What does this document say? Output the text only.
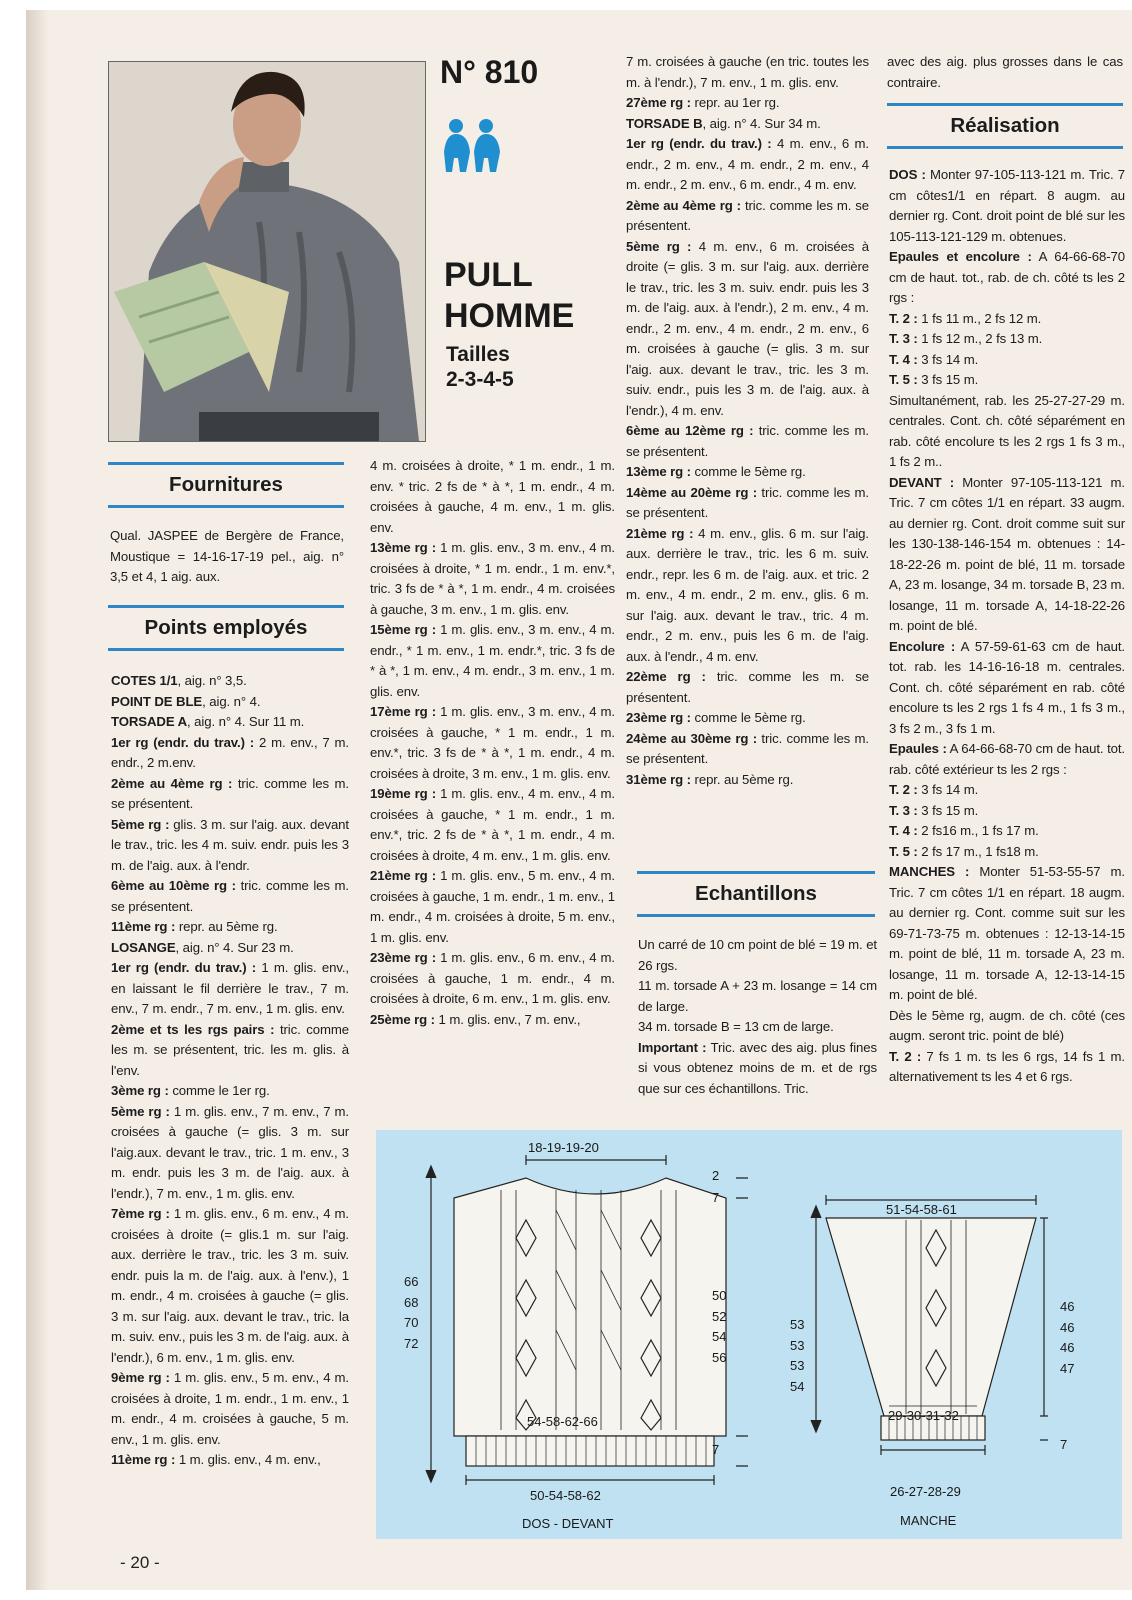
N° 810
PULL
HOMME
Tailles
2-3-4-5
Fournitures

Qual. JASPEE de Bergère de France, Moustique = 14-16-17-19 pel., aig. n° 3,5 et 4, 1 aig. aux.

Points employés

COTES 1/1, aig. n° 3,5.

POINT DE BLE, aig. n° 4.

TORSADE A, aig. n° 4. Sur 11 m.

1er rg (endr. du trav.) : 2 m. env., 7 m. endr., 2 m.env.

2ème au 4ème rg : tric. comme les m. se présentent.

5ème rg : glis. 3 m. sur l'aig. aux. devant le trav., tric. les 4 m. suiv. endr. puis les 3 m. de l'aig. aux. à l'endr.

6ème au 10ème rg : tric. comme les m. se présentent.

11ème rg : repr. au 5ème rg.

LOSANGE, aig. n° 4. Sur 23 m.

1er rg (endr. du trav.) : 1 m. glis. env., en laissant le fil derrière le trav., 7 m. env., 7 m. endr., 7 m. env., 1 m. glis. env.

2ème et ts les rgs pairs : tric. comme les m. se présentent, tric. les m. glis. à l'env.

3ème rg : comme le 1er rg.

5ème rg : 1 m. glis. env., 7 m. env., 7 m. croisées à gauche (= glis. 3 m. sur l'aig.aux. devant le trav., tric. 1 m. env., 3 m. endr. puis les 3 m. de l'aig. aux. à l'endr.), 7 m. env., 1 m. glis. env.

7ème rg : 1 m. glis. env., 6 m. env., 4 m. croisées à droite (= glis.1 m. sur l'aig. aux. derrière le trav., tric. les 3 m. suiv. endr. puis la m. de l'aig. aux. à l'env.), 1 m. endr., 4 m. croisées à gauche (= glis. 3 m. sur l'aig. aux. devant le trav., tric. la m. suiv. env., puis les 3 m. de l'aig. aux. à l'endr.), 6 m. env., 1 m. glis. env.

9ème rg : 1 m. glis. env., 5 m. env., 4 m. croisées à droite, 1 m. endr., 1 m. env., 1 m. endr., 4 m. croisées à gauche, 5 m. env., 1 m. glis. env.

11ème rg : 1 m. glis. env., 4 m. env.,

4 m. croisées à droite, * 1 m. endr., 1 m. env. * tric. 2 fs de * à *, 1 m. endr., 4 m. croisées à gauche, 4 m. env., 1 m. glis. env.

13ème rg : 1 m. glis. env., 3 m. env., 4 m. croisées à droite, * 1 m. endr., 1 m. env.*, tric. 3 fs de * à *, 1 m. endr., 4 m. croisées à gauche, 3 m. env., 1 m. glis. env.

15ème rg : 1 m. glis. env., 3 m. env., 4 m. endr., * 1 m. env., 1 m. endr.*, tric. 3 fs de * à *, 1 m. env., 4 m. endr., 3 m. env., 1 m. glis. env.

17ème rg : 1 m. glis. env., 3 m. env., 4 m. croisées à gauche, * 1 m. endr., 1 m. env.*, tric. 3 fs de * à *, 1 m. endr., 4 m. croisées à droite, 3 m. env., 1 m. glis. env.

19ème rg : 1 m. glis. env., 4 m. env., 4 m. croisées à gauche, * 1 m. endr., 1 m. env.*, tric. 2 fs de * à *, 1 m. endr., 4 m. croisées à droite, 4 m. env., 1 m. glis. env.

21ème rg : 1 m. glis. env., 5 m. env., 4 m. croisées à gauche, 1 m. endr., 1 m. env., 1 m. endr., 4 m. croisées à droite, 5 m. env., 1 m. glis. env.

23ème rg : 1 m. glis. env., 6 m. env., 4 m. croisées à gauche, 1 m. endr., 4 m. croisées à droite, 6 m. env., 1 m. glis. env.

25ème rg : 1 m. glis. env., 7 m. env.,

7 m. croisées à gauche (en tric. toutes les m. à l'endr.), 7 m. env., 1 m. glis. env.

27ème rg : repr. au 1er rg.

TORSADE B, aig. n° 4. Sur 34 m.

1er rg (endr. du trav.) : 4 m. env., 6 m. endr., 2 m. env., 4 m. endr., 2 m. env., 4 m. endr., 2 m. env., 6 m. endr., 4 m. env.

2ème au 4ème rg : tric. comme les m. se présentent.

5ème rg : 4 m. env., 6 m. croisées à droite (= glis. 3 m. sur l'aig. aux. derrière le trav., tric. les 3 m. suiv. endr. puis les 3 m. de l'aig. aux. à l'endr.), 2 m. env., 4 m. endr., 2 m. env., 4 m. endr., 2 m. env., 6 m. croisées à gauche (= glis. 3 m. sur l'aig. aux. devant le trav., tric. les 3 m. suiv. endr., puis les 3 m. de l'aig. aux. à l'endr.), 4 m. env.

6ème au 12ème rg : tric. comme les m. se présentent.

13ème rg : comme le 5ème rg.

14ème au 20ème rg : tric. comme les m. se présentent.

21ème rg : 4 m. env., glis. 6 m. sur l'aig. aux. derrière le trav., tric. les 6 m. suiv. endr., repr. les 6 m. de l'aig. aux. et tric. 2 m. env., 4 m. endr., 2 m. env., glis. 6 m. sur l'aig. aux. devant le trav., tric. 4 m. endr., 2 m. env., puis les 6 m. de l'aig. aux. à l'endr., 4 m. env.

22ème rg : tric. comme les m. se présentent.

23ème rg : comme le 5ème rg.

24ème au 30ème rg : tric. comme les m. se présentent.

31ème rg : repr. au 5ème rg.

Echantillons

Un carré de 10 cm point de blé = 19 m. et 26 rgs.

11 m. torsade A + 23 m. losange = 14 cm de large.

34 m. torsade B = 13 cm de large.

Important : Tric. avec des aig. plus fines si vous obtenez moins de m. et de rgs que sur ces échantillons. Tric.

avec des aig. plus grosses dans le cas contraire.

Réalisation

DOS : Monter 97-105-113-121 m. Tric. 7 cm côtes1/1 en répart. 8 augm. au dernier rg. Cont. droit point de blé sur les 105-113-121-129 m. obtenues.

Epaules et encolure : A 64-66-68-70 cm de haut. tot., rab. de ch. côté ts les 2 rgs :

T. 2 : 1 fs 11 m., 2 fs 12 m.

T. 3 : 1 fs 12 m., 2 fs 13 m.

T. 4 : 3 fs 14 m.

T. 5 : 3 fs 15 m.

Simultanément, rab. les 25-27-27-29 m. centrales. Cont. ch. côté séparément en rab. côté encolure ts les 2 rgs 1 fs 3 m., 1 fs 2 m..

DEVANT : Monter 97-105-113-121 m. Tric. 7 cm côtes 1/1 en répart. 33 augm. au dernier rg. Cont. droit comme suit sur les 130-138-146-154 m. obtenues : 14-18-22-26 m. point de blé, 11 m. torsade A, 23 m. losange, 34 m. torsade B, 23 m. losange, 11 m. torsade A, 14-18-22-26 m. point de blé.

Encolure : A 57-59-61-63 cm de haut. tot. rab. les 14-16-16-18 m. centrales. Cont. ch. côté séparément en rab. côté encolure ts les 2 rgs 1 fs 4 m., 1 fs 3 m., 3 fs 2 m., 3 fs 1 m.

Epaules : A 64-66-68-70 cm de haut. tot. rab. côté extérieur ts les 2 rgs :

T. 2 : 3 fs 14 m.

T. 3 : 3 fs 15 m.

T. 4 : 2 fs16 m., 1 fs 17 m.

T. 5 : 2 fs 17 m., 1 fs18 m.

MANCHES : Monter 51-53-55-57 m. Tric. 7 cm côtes 1/1 en répart. 18 augm. au dernier rg. Cont. comme suit sur les 69-71-73-75 m. obtenues : 12-13-14-15 m. point de blé, 11 m. torsade A, 23 m. losange, 11 m. torsade A, 12-13-14-15 m. point de blé.

Dès le 5ème rg, augm. de ch. côté (ces augm. seront tric. point de blé)

T. 2 : 7 fs 1 m. ts les 6 rgs, 14 fs 1 m. alternativement ts les 4 et 6 rgs.

18-19-19-20
2
7
66
68
70
72
50
52
54
56
54-58-62-66
7
50-54-58-62
DOS - DEVANT
51-54-58-61
53
53
53
54
46
46
46
47
29-30-31-32
7
26-27-28-29
MANCHE
- 20 -
